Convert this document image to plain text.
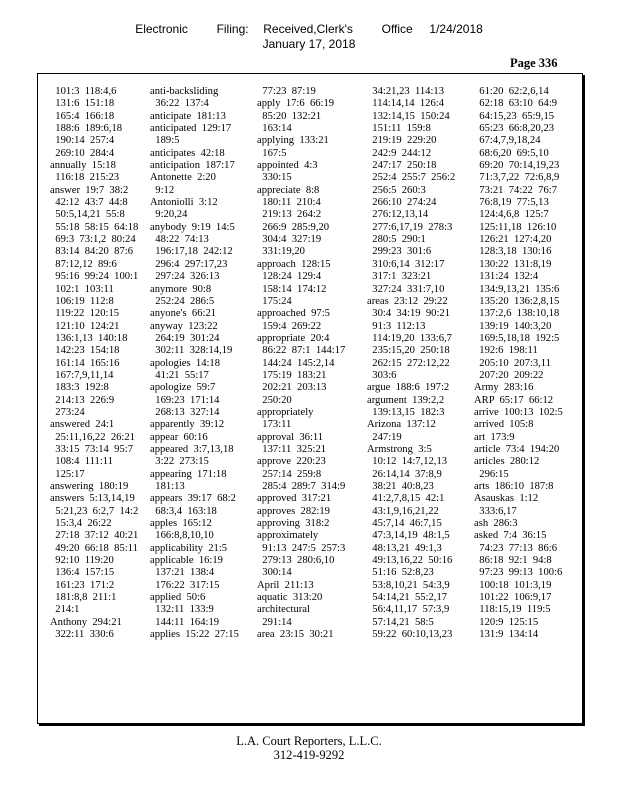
Electronic Filing: Received,Clerk's Office 1/24/2018
January 17, 2018
Page 336
101:3  118:4,6
131:6  151:18
165:4  166:18
188:6  189:6,18
190:14  257:4
269:10  284:4
annually  15:18
116:18  215:23
answer  19:7  38:2
42:12  43:7  44:8
50:5,14,21  55:8
55:18  58:15  64:18
69:3  73:1,2  80:24
83:14  84:20  87:6
87:12,12  89:6
95:16  99:24  100:1
102:1  103:11
106:19  112:8
119:22  120:15
121:10  124:21
136:1,13  140:18
142:23  154:18
161:14  165:16
167:7,9,11,14
183:3  192:8
214:13  226:9
273:24
answered  24:1
25:11,16,22  26:21
33:15  73:14  95:7
108:4  111:11
125:17
answering  180:19
answers  5:13,14,19
5:21,23  6:2,7  14:2
15:3,4  26:22
27:18  37:12  40:21
49:20  66:18  85:11
92:10  119:20
136:4  157:15
161:23  171:2
181:8,8  211:1
214:1
Anthony  294:21
322:11  330:6
anti-backsliding
36:22  137:4
anticipate  181:13
anticipated  129:17
189:5
anticipates  42:18
anticipation  187:17
Antonette  2:20
9:12
Antoniolli  3:12
9:20,24
anybody  9:19  14:5
48:22  74:13
196:17,18  242:12
296:4  297:17,23
297:24  326:13
anymore  90:8
252:24  286:5
anyone's  66:21
anyway  123:22
264:19  301:24
302:11  328:14,19
apologies  14:18
41:21  55:17
apologize  59:7
169:23  171:14
268:13  327:14
apparently  39:12
appear  60:16
appeared  3:7,13,18
3:22  273:15
appearing  171:18
181:13
appears  39:17  68:2
68:3,4  163:18
apples  165:12
166:8,8,10,10
applicability  21:5
applicable  16:19
137:21  138:4
176:22  317:15
applied  50:6
132:11  133:9
144:11  164:19
applies  15:22  27:15
77:23  87:19
apply  17:6  66:19
85:20  132:21
163:14
applying  133:21
167:5
appointed  4:3
330:15
appreciate  8:8
180:11  210:4
219:13  264:2
266:9  285:9,20
304:4  327:19
331:19,20
approach  128:15
128:24  129:4
158:14  174:12
175:24
approached  97:5
159:4  269:22
appropriate  20:4
86:22  87:1  144:17
144:24  145:2,14
175:19  183:21
202:21  203:13
250:20
appropriately
173:11
approval  36:11
137:11  325:21
approve  220:23
257:14  259:8
285:4  289:7  314:9
approved  317:21
approves  282:19
approving  318:2
approximately
91:13  247:5  257:3
279:13  280:6,10
300:14
April  211:13
aquatic  313:20
architectural
291:14
area  23:15  30:21
34:21,23  114:13
114:14,14  126:4
132:14,15  150:24
151:11  159:8
219:19  229:20
242:9  244:12
247:17  250:18
252:4  255:7  256:2
256:5  260:3
266:10  274:24
276:12,13,14
277:6,17,19  278:3
280:5  290:1
299:23  301:6
310:6,14  312:17
317:1  323:21
327:24  331:7,10
areas  23:12  29:22
30:4  34:19  90:21
91:3  112:13
114:19,20  133:6,7
235:15,20  250:18
262:15  272:12,22
303:6
argue  188:6  197:2
argument  139:2,2
139:13,15  182:3
Arizona  137:12
247:19
Armstrong  3:5
10:12  14:7,12,13
26:14,14  37:8,9
38:21  40:8,23
41:2,7,8,15  42:1
43:1,9,16,21,22
45:7,14  46:7,15
47:3,14,19  48:1,5
48:13,21  49:1,3
49:13,16,22  50:16
51:16  52:8,23
53:8,10,21  54:3,9
54:14,21  55:2,17
56:4,11,17  57:3,9
57:14,21  58:5
59:22  60:10,13,23
61:20  62:2,6,14
62:18  63:10  64:9
64:15,23  65:9,15
65:23  66:8,20,23
67:4,7,9,18,24
68:6,20  69:5,10
69:20  70:14,19,23
71:3,7,22  72:6,8,9
73:21  74:22  76:7
76:8,19  77:5,13
124:4,6,8  125:7
125:11,18  126:10
126:21  127:4,20
128:3,18  130:16
130:22  131:8,19
131:24  132:4
134:9,13,21  135:6
135:20  136:2,8,15
137:2,6  138:10,18
139:19  140:3,20
169:5,18,18  192:5
192:6  198:11
205:10  207:3,11
207:20  209:22
Army  283:16
ARP  65:17  66:12
arrive  100:13  102:5
arrived  105:8
art  173:9
article  73:4  194:20
articles  280:12
296:15
arts  186:10  187:8
Asauskas  1:12
333:6,17
ash  286:3
asked  7:4  36:15
74:23  77:13  86:6
86:18  92:1  94:8
97:23  99:13  100:6
100:18  101:3,19
101:22  106:9,17
118:15,19  119:5
120:9  125:15
131:9  134:14
L.A. Court Reporters, L.L.C.
312-419-9292
